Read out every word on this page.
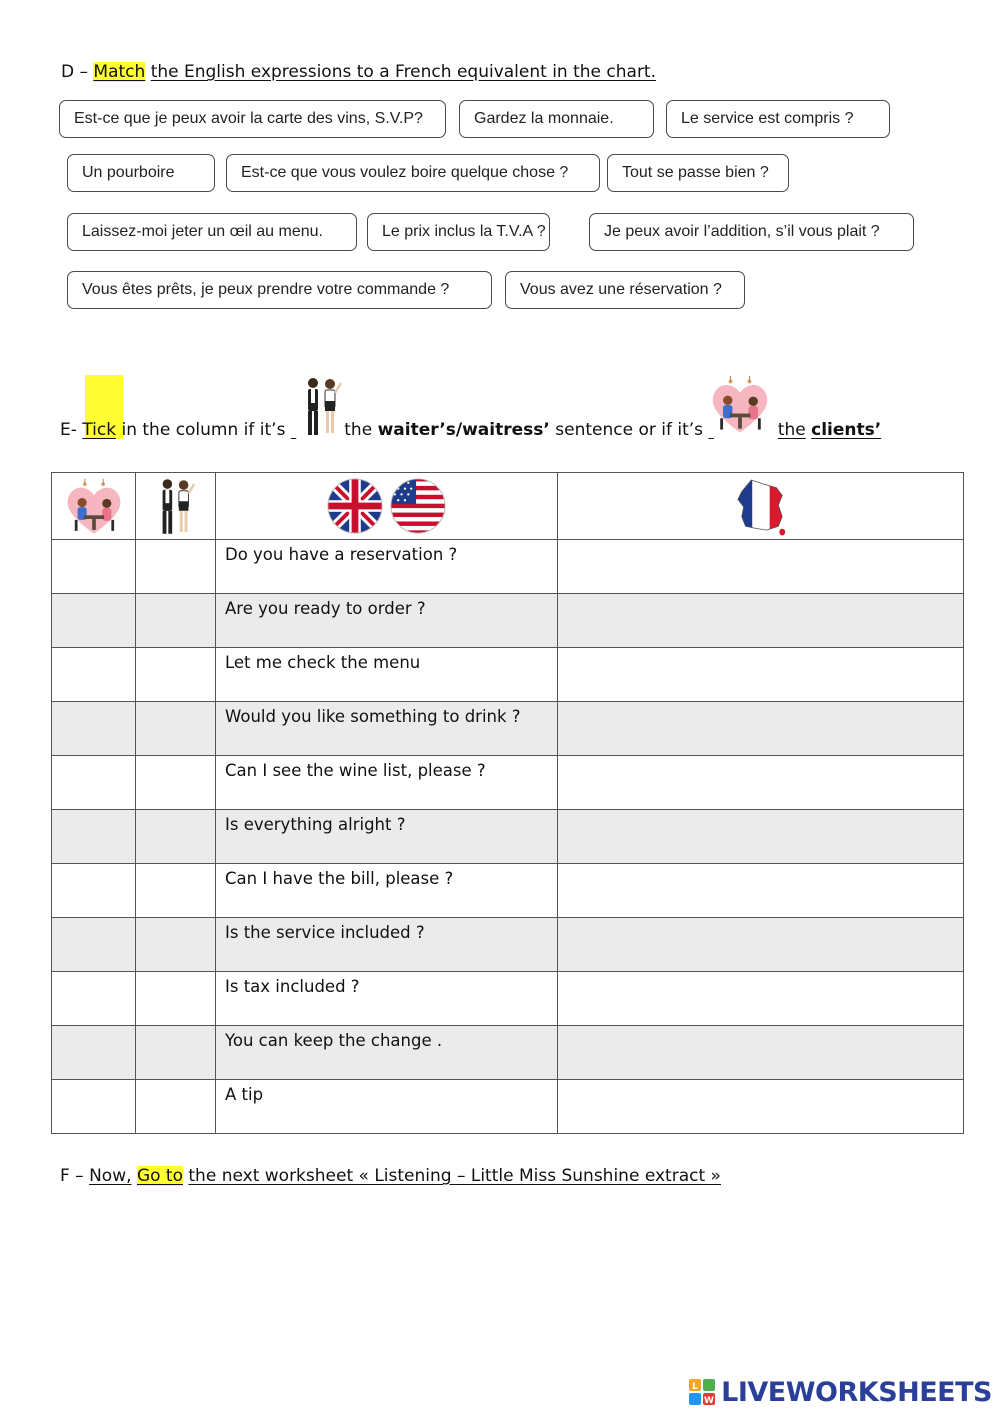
D – Match the English expressions to a French equivalent in the chart.
Est-ce que je peux avoir la carte des vins, S.V.P?	Gardez la monnaie.	Le service est compris ?
Un pourboire	Est-ce que vous voulez boire quelque chose ?	Tout se passe bien ?
Laissez-moi jeter un œil au menu.	Le prix inclus la T.V.A ?	Je peux avoir l’addition, s’il vous plait ?
Vous êtes prêts, je peux prendre votre commande ?	Vous avez une réservation ?
E- Tick in the column if it’s	the waiter’s/waitress’ sentence or if it’s	the clients’

		Do you have a reservation ?	
		Are you ready to order ?	
		Let me check the menu	
		Would you like something to drink ?	
		Can I see the wine list, please ?	
		Is everything alright ?	
		Can I have the bill, please ?	
		Is the service included ?	
		Is tax included ?	
		You can keep the change .	
		A tip	
F – Now, Go to the next worksheet « Listening – Little Miss Sunshine extract »
L
W LIVEWORKSHEETS
